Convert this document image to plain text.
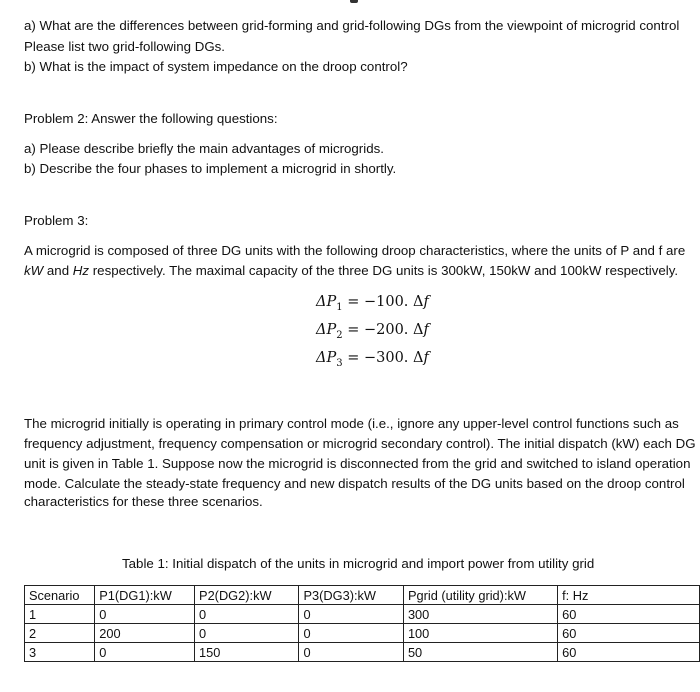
a) What are the differences between grid-forming and grid-following DGs from the viewpoint of microgrid control
Please list two grid-following DGs.
b) What is the impact of system impedance on the droop control?
Problem 2: Answer the following questions:
a) Please describe briefly the main advantages of microgrids.
b) Describe the four phases to implement a microgrid in shortly.
Problem 3:
A microgrid is composed of three DG units with the following droop characteristics, where the units of P and f are
kW and Hz respectively. The maximal capacity of the three DG units is 300kW, 150kW and 100kW respectively.
$\Delta P_1 = -100$. Δf
$\Delta P_2 = -200$. Δf
$\Delta P_3 = -300$. Δf
The microgrid initially is operating in primary control mode (i.e., ignore any upper-level control functions such as
frequency adjustment, frequency compensation or microgrid secondary control). The initial dispatch (kW) each DG
unit is given in Table 1. Suppose now the microgrid is disconnected from the grid and switched to island operation
mode. Calculate the steady-state frequency and new dispatch results of the DG units based on the droop control
characteristics for these three scenarios.
Table 1: Initial dispatch of the units in microgrid and import power from utility grid
Scenario	P1(DG1):kW	P2(DG2):kW	P3(DG3):kW	Pgrid (utility grid):kW	f: Hz
1	0	0	0	300	60
2	200	0	0	100	60
3	0	150	0	50	60
